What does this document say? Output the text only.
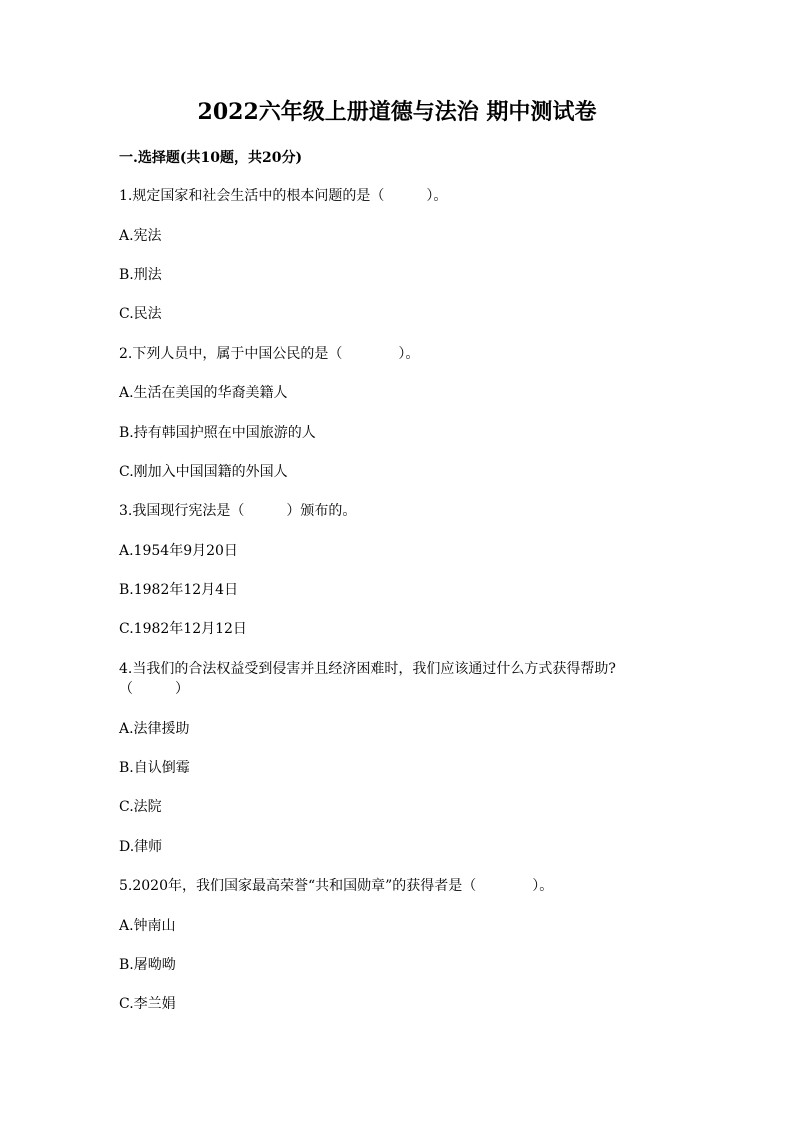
2022六年级上册道德与法治 期中测试卷
一.选择题(共10题，共20分)
1.规定国家和社会生活中的根本问题的是（　　　）。
A.宪法
B.刑法
C.民法
2.下列人员中，属于中国公民的是（　　　　）。
A.生活在美国的华裔美籍人
B.持有韩国护照在中国旅游的人
C.刚加入中国国籍的外国人
3.我国现行宪法是（　　　）颁布的。
A.1954年9月20日
B.1982年12月4日
C.1982年12月12日
4.当我们的合法权益受到侵害并且经济困难时，我们应该通过什么方式获得帮助?（　　　）
A.法律援助
B.自认倒霉
C.法院
D.律师
5.2020年，我们国家最高荣誉“共和国勋章”的获得者是（　　　　）。
A.钟南山
B.屠呦呦
C.李兰娟
